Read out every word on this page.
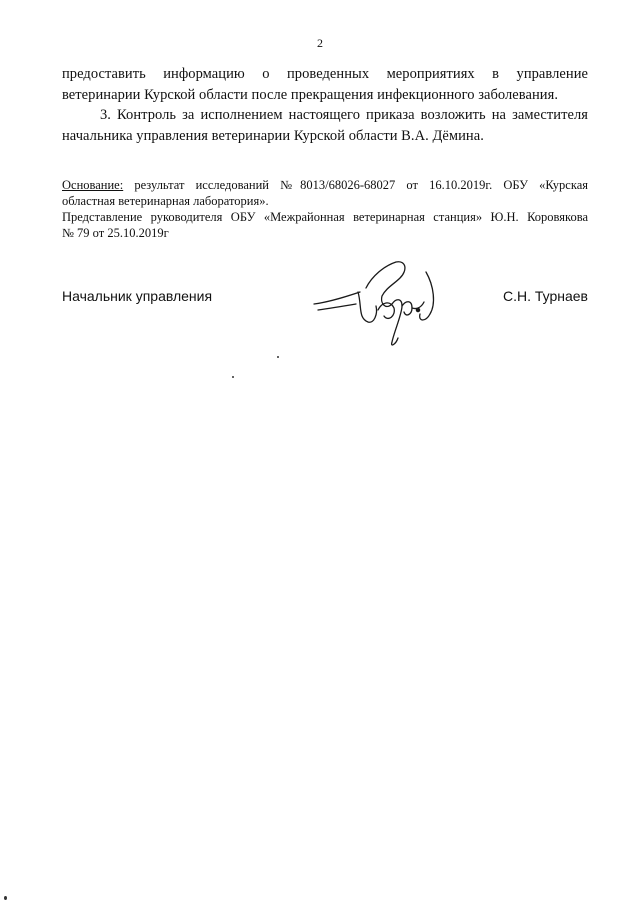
2
предоставить информацию о проведенных мероприятиях в управление
ветеринарии Курской области после прекращения инфекционного заболевания.
3. Контроль за исполнением настоящего приказа возложить на заместителя
начальника управления ветеринарии Курской области В.А. Дёмина.
Основание: результат исследований №8013/68026-68027 от 16.10.2019г. ОБУ «Курская
областная ветеринарная лаборатория».
Представление руководителя ОБУ «Межрайонная ветеринарная станция» Ю.Н. Коровякова
№ 79 от 25.10.2019г
Начальник управления	С.Н. Турнаев
